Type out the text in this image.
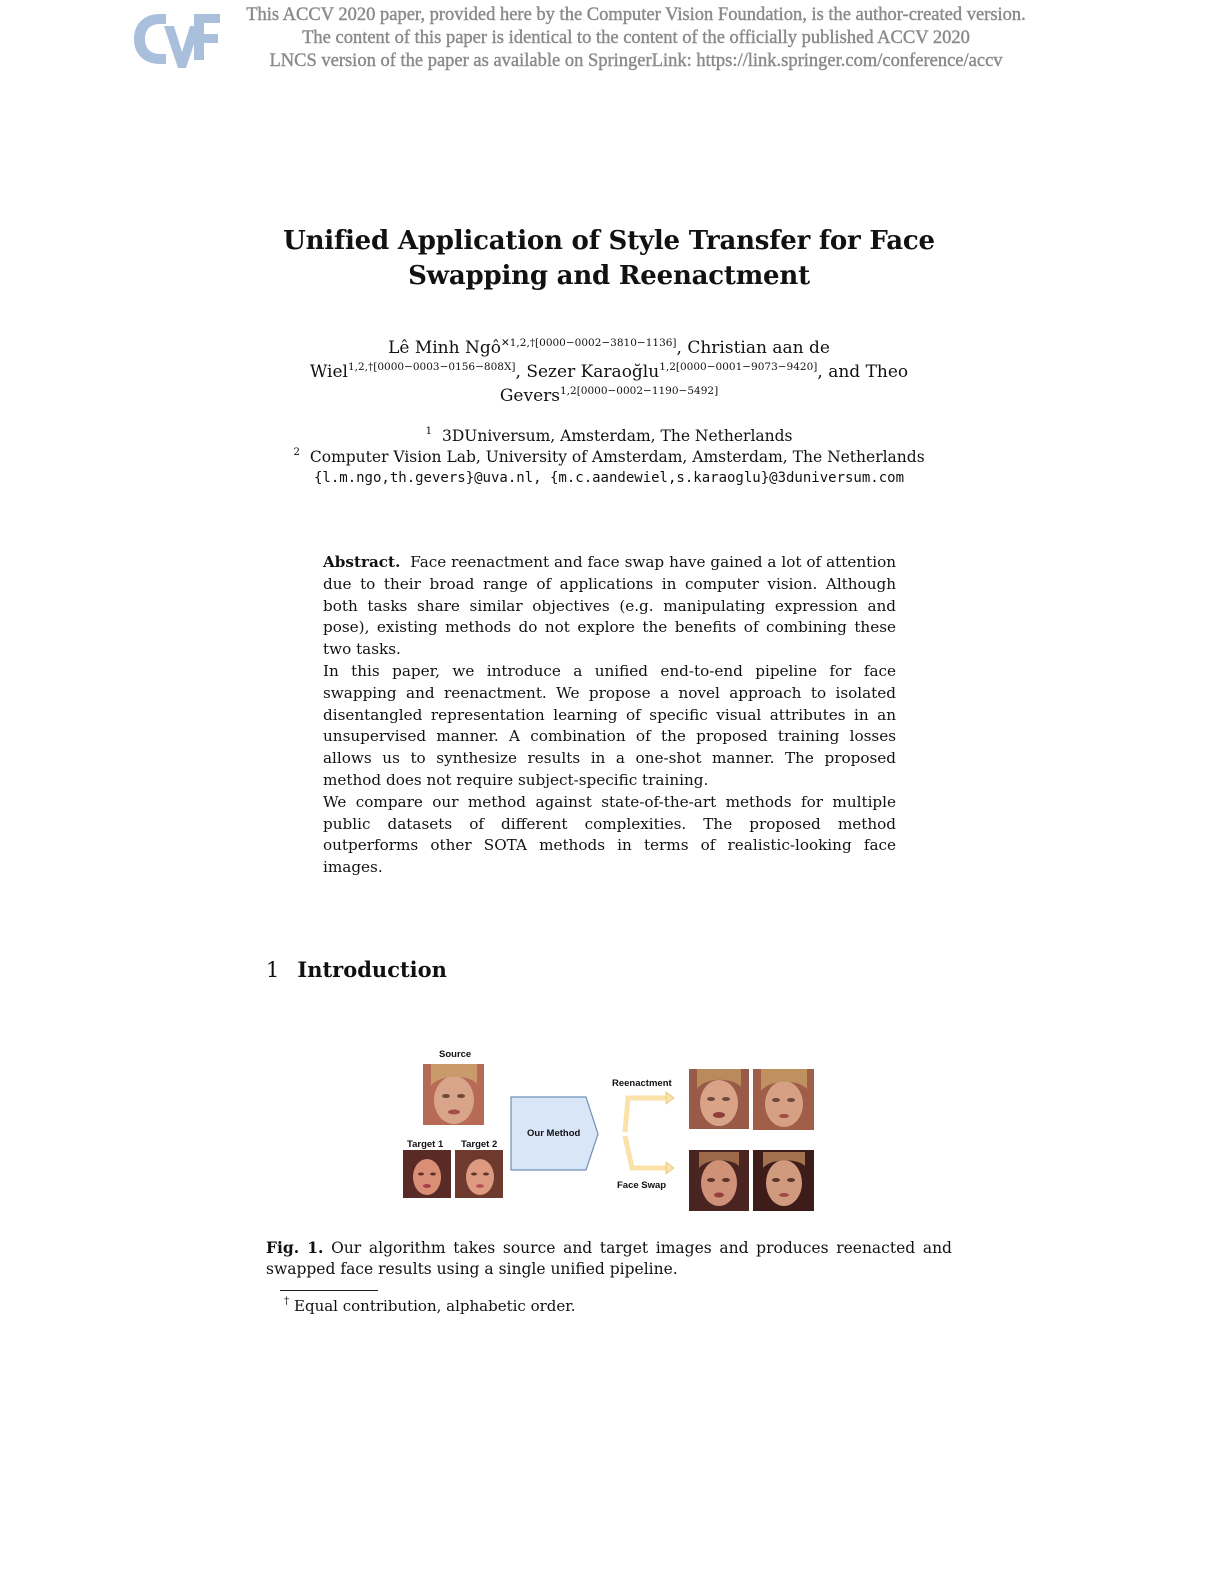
This ACCV 2020 paper, provided here by the Computer Vision Foundation, is the author-created version.
The content of this paper is identical to the content of the officially published ACCV 2020
LNCS version of the paper as available on SpringerLink: https://link.springer.com/conference/accv
Unified Application of Style Transfer for Face
Swapping and Reenactment
Lê Minh Ngô$^{✕1,2,\dagger[0000-0002-3810-1136]}$, Christian aan de
Wiel$^{1,2,\dagger[0000-0003-0156-808X]}$, Sezer Karaoğlu$^{1,2[0000-0001-9073-9420]}$, and Theo
Gevers$^{1,2[0000-0002-1190-5492]}$
$^1$ 3DUniversum, Amsterdam, The Netherlands
$^2$ Computer Vision Lab, University of Amsterdam, Amsterdam, The Netherlands
{l.m.ngo,th.gevers}@uva.nl, {m.c.aandewiel,s.karaoglu}@3duniversum.com

Abstract. Face reenactment and face swap have gained a lot of attention due to their broad range of applications in computer vision. Although both tasks share similar objectives (e.g. manipulating expression and pose), existing methods do not explore the benefits of combining these two tasks.

In this paper, we introduce a unified end-to-end pipeline for face swapping and reenactment. We propose a novel approach to isolated disentangled representation learning of specific visual attributes in an unsupervised manner. A combination of the proposed training losses allows us to synthesize results in a one-shot manner. The proposed method does not require subject-specific training.

We compare our method against state-of-the-art methods for multiple public datasets of different complexities. The proposed method outperforms other SOTA methods in terms of realistic-looking face images.

1 Introduction
Source
Target 1 Target 2
Our Method
Reenactment
Face Swap
Fig. 1. Our algorithm takes source and target images and produces reenacted and swapped face results using a single unified pipeline.
† Equal contribution, alphabetic order.
